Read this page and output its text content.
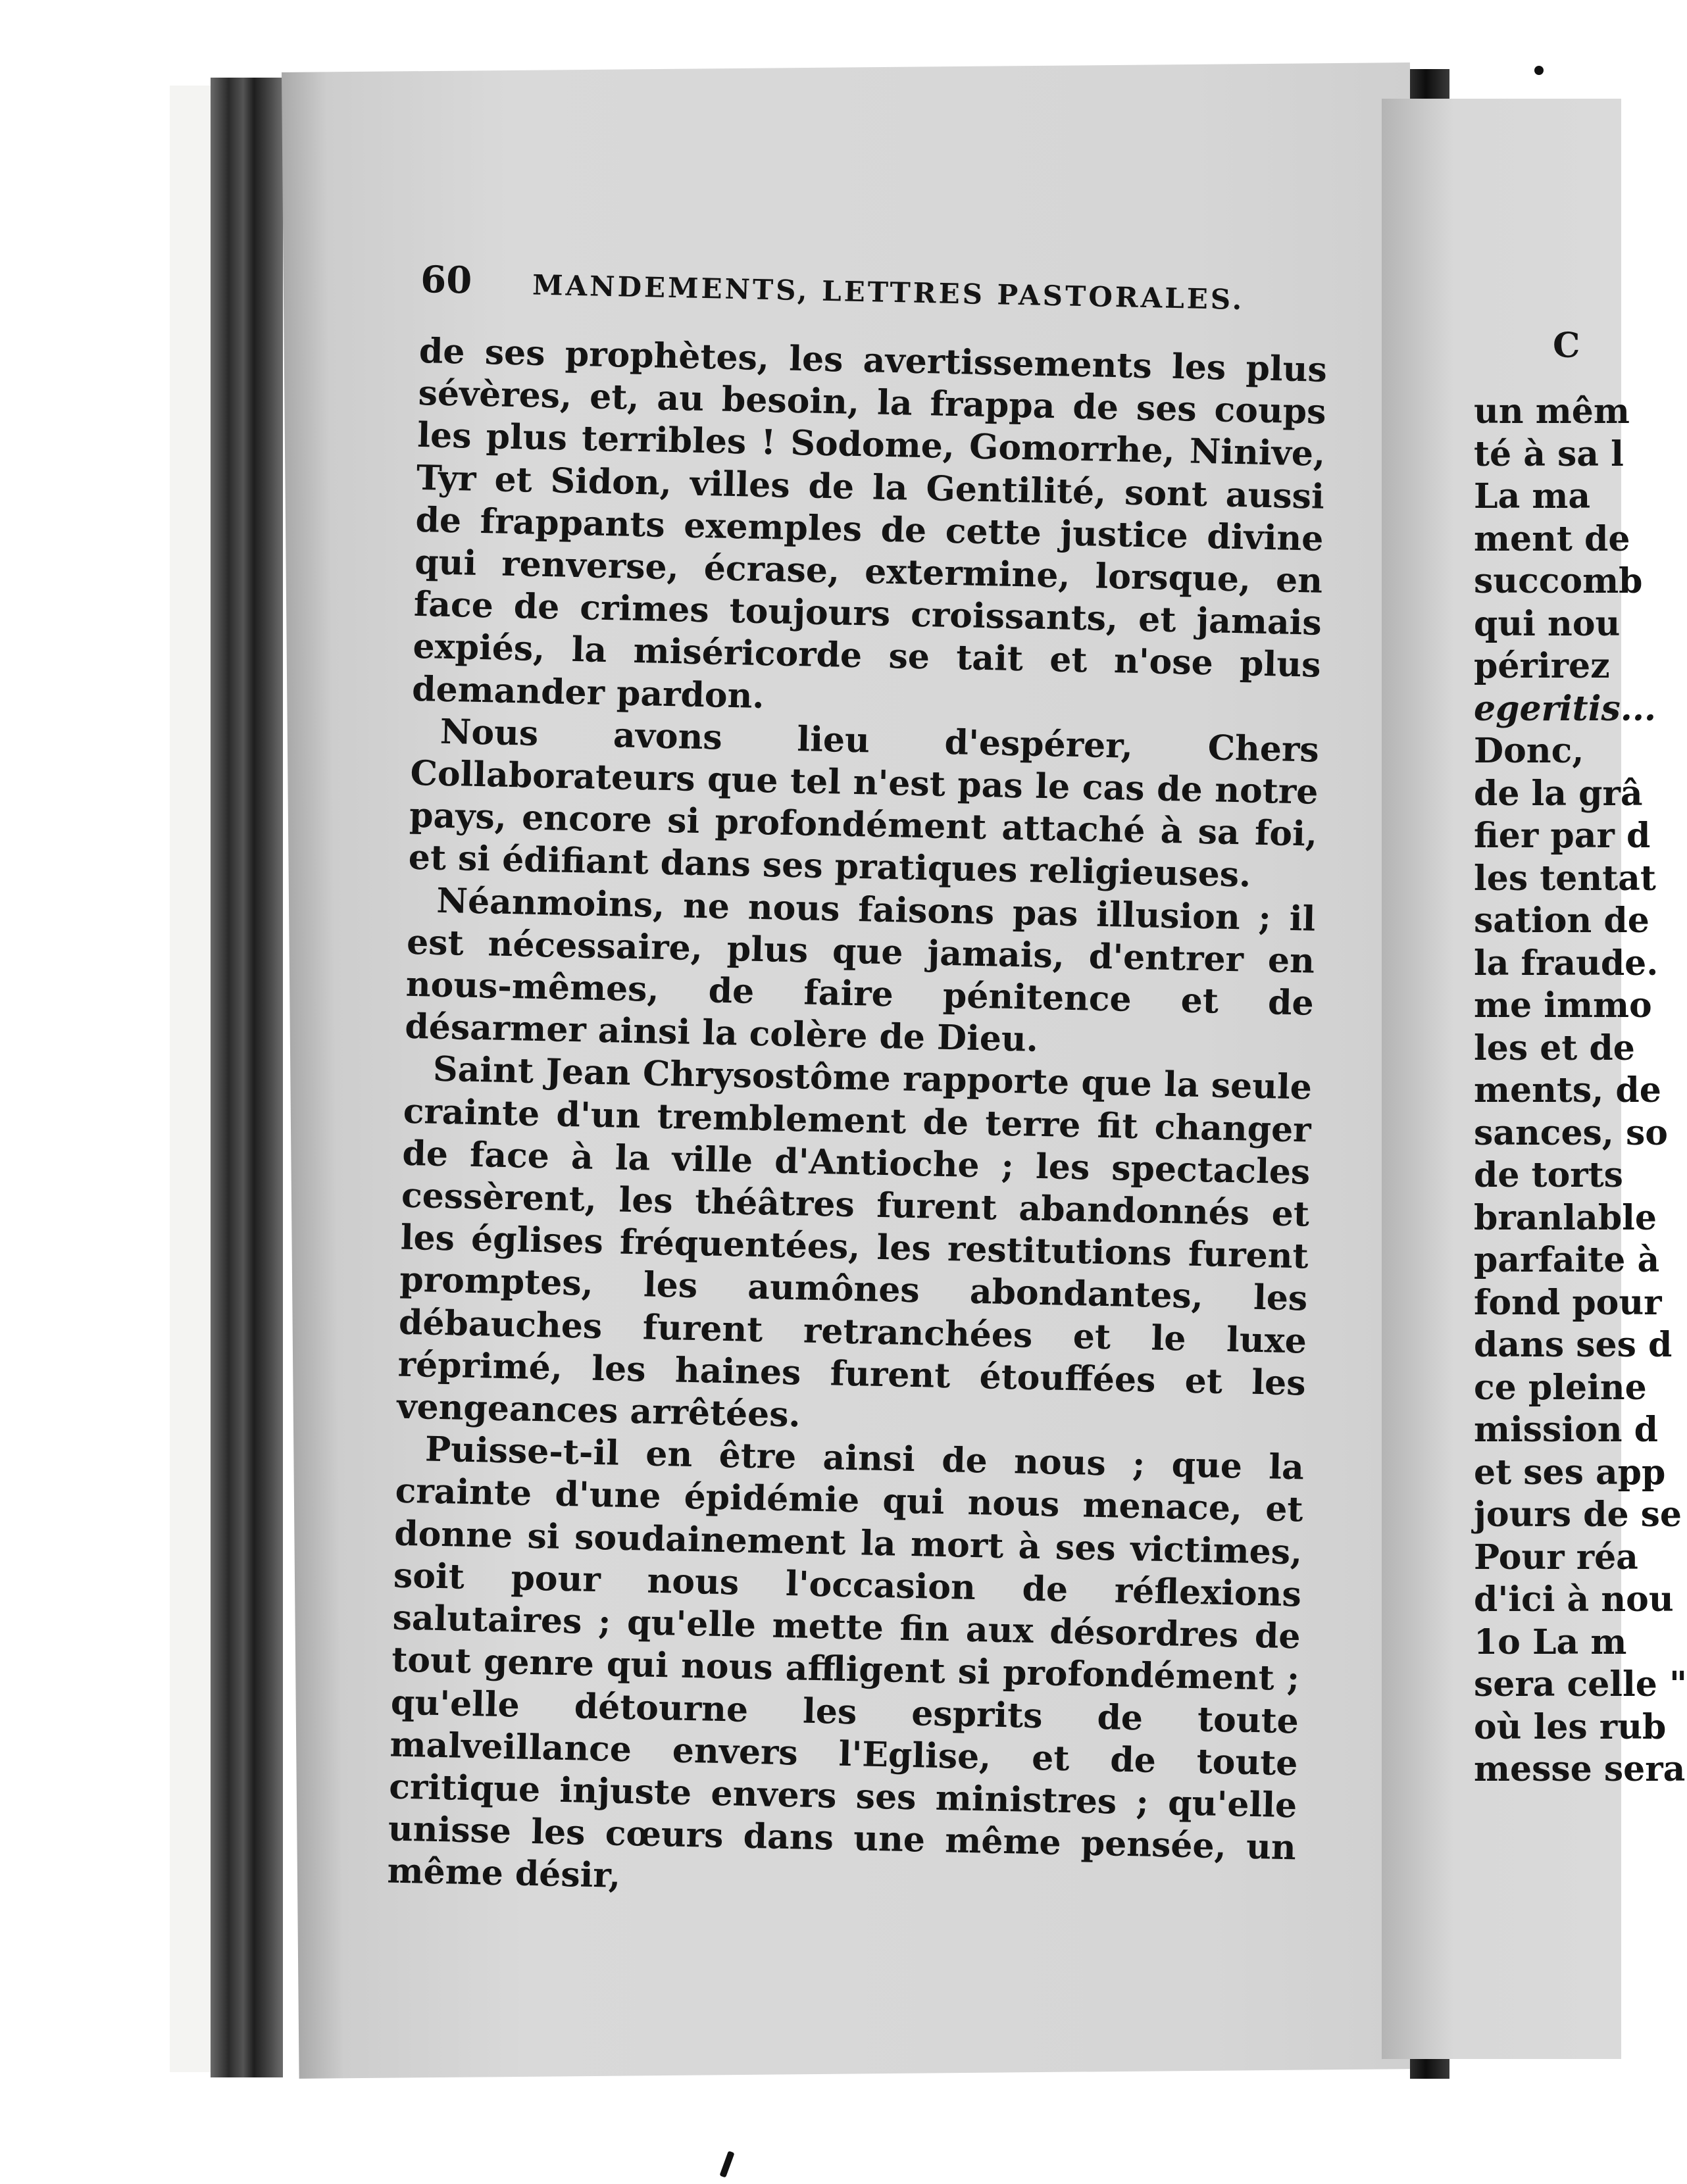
C
un mêm
té à sa l
La ma
ment de
succomb
qui nou
périrez
egeritis...
Donc,
de la grâ
fier par d
les tentat
sation de
la fraude.
me immo
les et de
ments, de
sances, so
de torts
branlable
parfaite à
fond pour
dans ses d
ce pleine
mission d
et ses app
jours de se
Pour réa
d'ici à nou
1o La m
sera celle "
où les rub
messe sera
60	MANDEMENTS, LETTRES PASTORALES.
de ses prophètes, les avertissements les plus sévères, et, au besoin, la frappa de ses coups les plus terribles ! Sodome, Gomorrhe, Ninive, Tyr et Sidon, villes de la Gentilité, sont aussi de frappants exemples de cette justice divine qui renverse, écrase, extermine, lorsque, en face de crimes toujours croissants, et jamais expiés, la miséricorde se tait et n'ose plus demander pardon.
Nous avons lieu d'espérer, Chers Collaborateurs que tel n'est pas le cas de notre pays, encore si profondément attaché à sa foi, et si édifiant dans ses pratiques religieuses.
Néanmoins, ne nous faisons pas illusion ; il est nécessaire, plus que jamais, d'entrer en nous-mêmes, de faire pénitence et de désarmer ainsi la colère de Dieu.
Saint Jean Chrysostôme rapporte que la seule crainte d'un tremblement de terre fit changer de face à la ville d'Antioche ; les spectacles cessèrent, les théâtres furent abandonnés et les églises fréquentées, les restitutions furent promptes, les aumônes abondantes, les débauches furent retranchées et le luxe réprimé, les haines furent étouffées et les vengeances arrêtées.
Puisse-t-il en être ainsi de nous ; que la crainte d'une épidémie qui nous menace, et donne si soudainement la mort à ses victimes, soit pour nous l'occasion de réflexions salutaires ; qu'elle mette fin aux désordres de tout genre qui nous affligent si profondément ; qu'elle détourne les esprits de toute malveillance envers l'Eglise, et de toute critique injuste envers ses ministres ; qu'elle unisse les cœurs dans une même pensée, un même désir,
